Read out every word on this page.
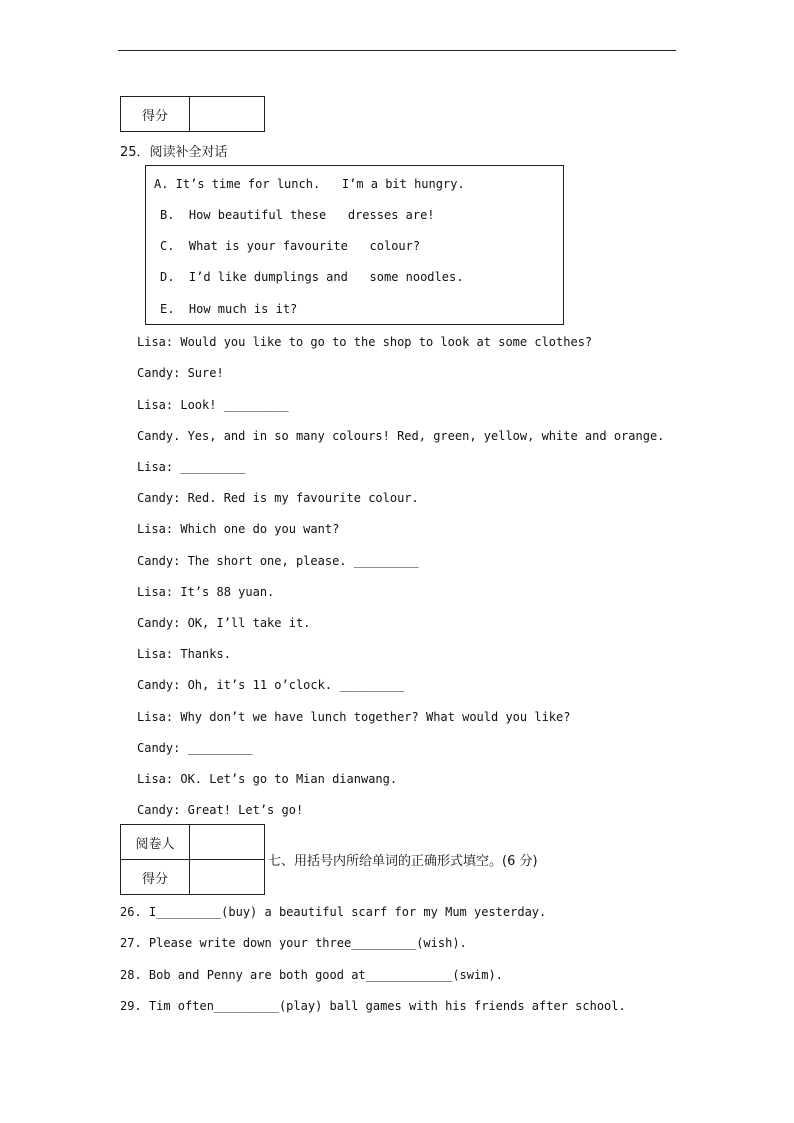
得分	
25．阅读补全对话
A. It’s time for lunch.   I’m a bit hungry.
B.  How beautiful these   dresses are!
C.  What is your favourite   colour?
D.  I’d like dumplings and   some noodles.
E.  How much is it?
Lisa: Would you like to go to the shop to look at some clothes?
Candy: Sure!
Lisa: Look! _________
Candy. Yes, and in so many colours! Red, green, yellow, white and orange.
Lisa: _________
Candy: Red. Red is my favourite colour.
Lisa: Which one do you want?
Candy: The short one, please. _________
Lisa: It’s 88 yuan.
Candy: OK, I’ll take it.
Lisa: Thanks.
Candy: Oh, it’s 11 o’clock. _________
Lisa: Why don’t we have lunch together? What would you like?
Candy: _________
Lisa: OK. Let’s go to Mian dianwang.
Candy: Great! Let’s go!
阅卷人	
得分	
七、用括号内所给单词的正确形式填空。(6 分)
26. I_________(buy) a beautiful scarf for my Mum yesterday.
27. Please write down your three_________(wish).
28. Bob and Penny are both good at____________(swim).
29. Tim often_________(play) ball games with his friends after school.
